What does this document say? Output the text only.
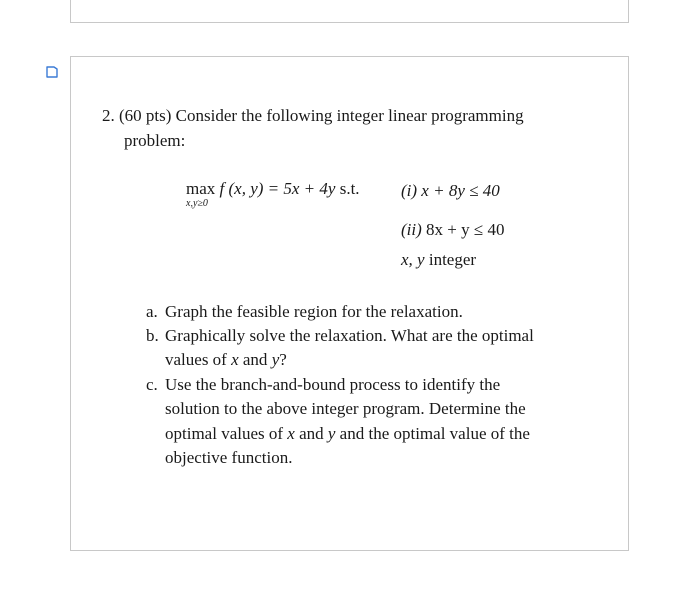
2. (60 pts) Consider the following integer linear programming
problem:
max f (x, y) = 5x + 4y s.t.
x,y≥0
(i) x + 8y ≤ 40
(ii) 8x + y ≤ 40
x, y integer
a. Graph the feasible region for the relaxation.
b. Graphically solve the relaxation. What are the optimal
values of x and y?
c. Use the branch-and-bound process to identify the
solution to the above integer program. Determine the
optimal values of x and y and the optimal value of the
objective function.
